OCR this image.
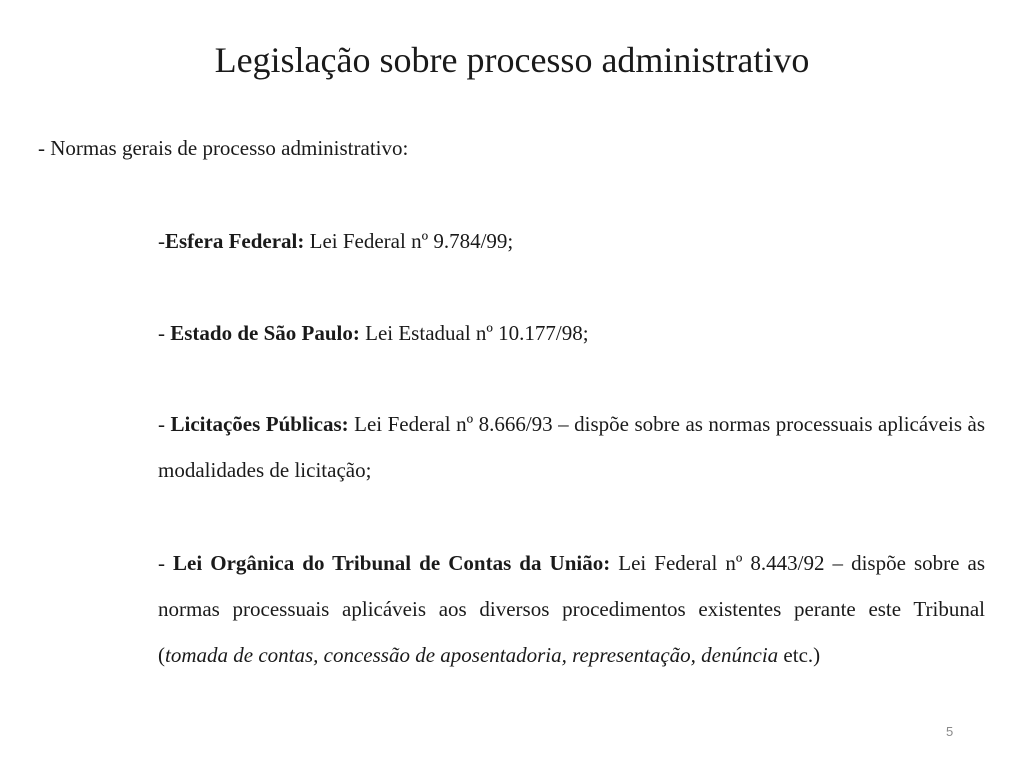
Legislação sobre processo administrativo

- Normas gerais de processo administrativo:

-Esfera Federal: Lei Federal nº 9.784/99;

- Estado de São Paulo: Lei Estadual nº 10.177/98;

- Licitações Públicas: Lei Federal nº 8.666/93 – dispõe sobre as normas processuais aplicáveis às modalidades de licitação;

- Lei Orgânica do Tribunal de Contas da União: Lei Federal nº 8.443/92 – dispõe sobre as normas processuais aplicáveis aos diversos procedimentos existentes perante este Tribunal (tomada de contas, concessão de aposentadoria, representação, denúncia etc.)

5
